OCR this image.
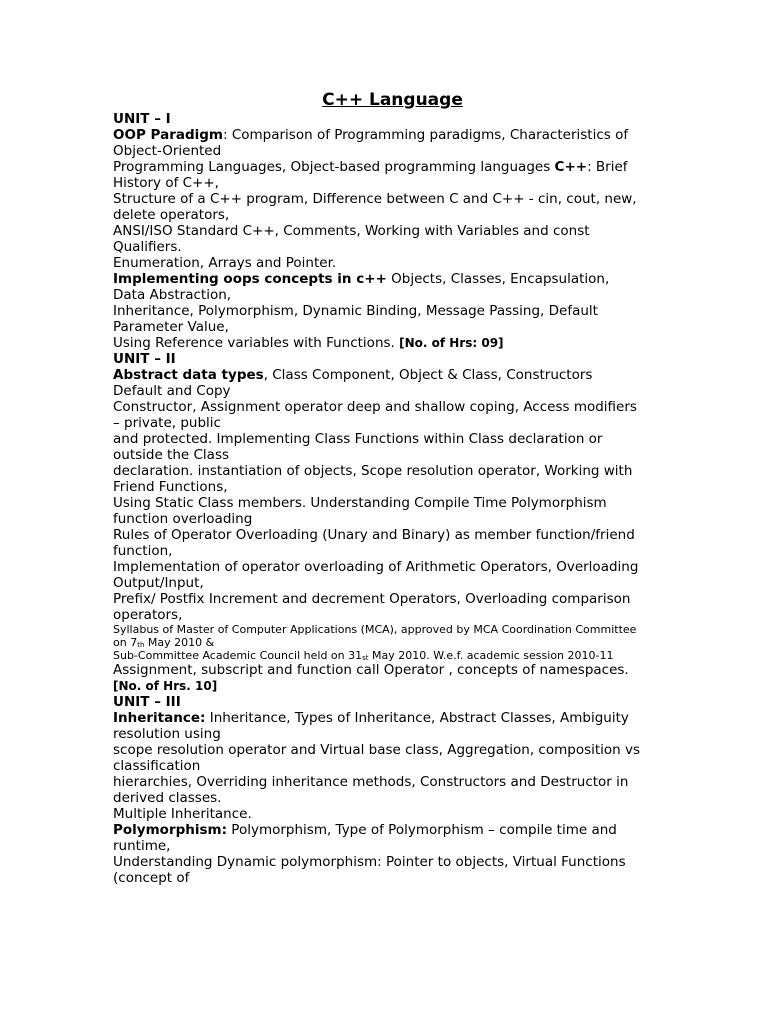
C++ Language
UNIT – I
OOP Paradigm: Comparison of Programming paradigms, Characteristics of
Object-Oriented
Programming Languages, Object-based programming languages C++: Brief
History of C++,
Structure of a C++ program, Difference between C and C++ - cin, cout, new,
delete operators,
ANSI/ISO Standard C++, Comments, Working with Variables and const
Qualifiers.
Enumeration, Arrays and Pointer.
Implementing oops concepts in c++ Objects, Classes, Encapsulation,
Data Abstraction,
Inheritance, Polymorphism, Dynamic Binding, Message Passing, Default
Parameter Value,
Using Reference variables with Functions. [No. of Hrs: 09]
UNIT – II
Abstract data types, Class Component, Object & Class, Constructors
Default and Copy
Constructor, Assignment operator deep and shallow coping, Access modifiers
– private, public
and protected. Implementing Class Functions within Class declaration or
outside the Class
declaration. instantiation of objects, Scope resolution operator, Working with
Friend Functions,
Using Static Class members. Understanding Compile Time Polymorphism
function overloading
Rules of Operator Overloading (Unary and Binary) as member function/friend
function,
Implementation of operator overloading of Arithmetic Operators, Overloading
Output/Input,
Prefix/ Postfix Increment and decrement Operators, Overloading comparison
operators,
Syllabus of Master of Computer Applications (MCA), approved by MCA Coordination Committee
on $7_{th}$ May 2010 &
Sub-Committee Academic Council held on $31_{st}$ May 2010. W.e.f. academic session 2010-11
Assignment, subscript and function call Operator , concepts of namespaces.
[No. of Hrs. 10]
UNIT – III
Inheritance: Inheritance, Types of Inheritance, Abstract Classes, Ambiguity
resolution using
scope resolution operator and Virtual base class, Aggregation, composition vs
classification
hierarchies, Overriding inheritance methods, Constructors and Destructor in
derived classes.
Multiple Inheritance.
Polymorphism: Polymorphism, Type of Polymorphism – compile time and
runtime,
Understanding Dynamic polymorphism: Pointer to objects, Virtual Functions
(concept of
